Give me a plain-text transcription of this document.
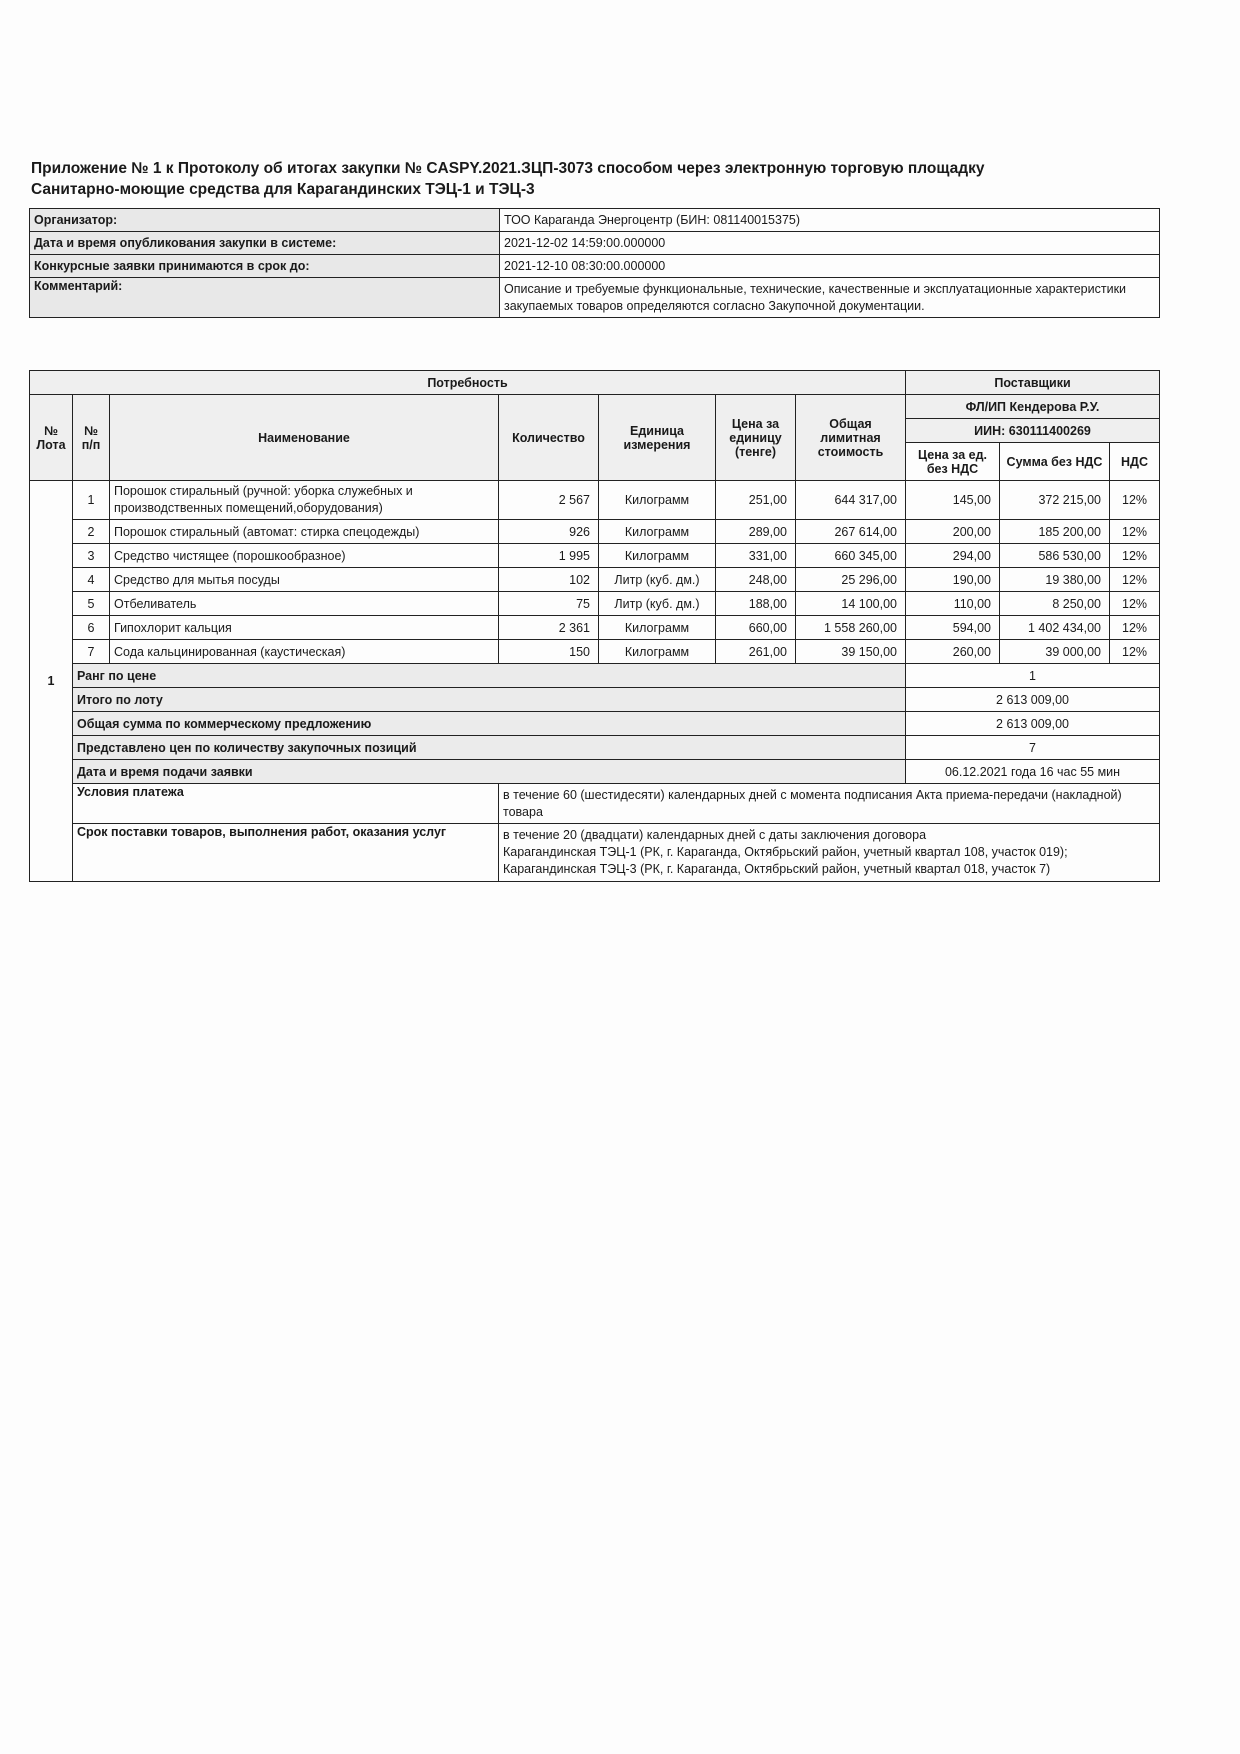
Приложение № 1 к Протоколу об итогах закупки № CASPY.2021.ЗЦП-3073 способом через электронную торговую площадку
Санитарно-моющие средства для Карагандинских ТЭЦ-1 и ТЭЦ-3
Организатор:	ТОО Караганда Энергоцентр (БИН: 081140015375)
Дата и время опубликования закупки в системе:	2021-12-02 14:59:00.000000
Конкурсные заявки принимаются в срок до:	2021-12-10 08:30:00.000000
Комментарий:	Описание и требуемые функциональные, технические, качественные и эксплуатационные характеристики закупаемых товаров определяются согласно Закупочной документации.
Потребность							Поставщики		
№ Лота	№ п/п	Наименование	Количество	Единица измерения	Цена за единицу (тенге)	Общая лимитная стоимость	ФЛ/ИП Кендерова Р.У.		
							ИИН: 630111400269		
							Цена за ед. без НДС	Сумма без НДС	НДС
1	1	Порошок стиральный (ручной: уборка служебных и производственных помещений,оборудования)	2 567	Килограмм	251,00	644 317,00	145,00	372 215,00	12%
	2	Порошок стиральный (автомат: стирка спецодежды)	926	Килограмм	289,00	267 614,00	200,00	185 200,00	12%
	3	Средство чистящее (порошкообразное)	1 995	Килограмм	331,00	660 345,00	294,00	586 530,00	12%
	4	Средство для мытья посуды	102	Литр (куб. дм.)	248,00	25 296,00	190,00	19 380,00	12%
	5	Отбеливатель	75	Литр (куб. дм.)	188,00	14 100,00	110,00	8 250,00	12%
	6	Гипохлорит кальция	2 361	Килограмм	660,00	1 558 260,00	594,00	1 402 434,00	12%
	7	Сода кальцинированная (каустическая)	150	Килограмм	261,00	39 150,00	260,00	39 000,00	12%
	Ранг по цене						1		
	Итого по лоту						2 613 009,00		
	Общая сумма по коммерческому предложению						2 613 009,00		
	Представлено цен по количеству закупочных позиций						7		
	Дата и время подачи заявки						06.12.2021 года 16 час 55 мин		
	Условия платежа		в течение 60 (шестидесяти) календарных дней с момента подписания Акта приема-передачи (накладной) товара						
	Срок поставки товаров, выполнения работ, оказания услуг		в течение 20 (двадцати) календарных дней с даты заключения договора
Карагандинская ТЭЦ-1 (РК, г. Караганда, Октябрьский район, учетный квартал 108, участок 019);
Карагандинская ТЭЦ-3 (РК, г. Караганда, Октябрьский район, учетный квартал 018, участок 7)						
